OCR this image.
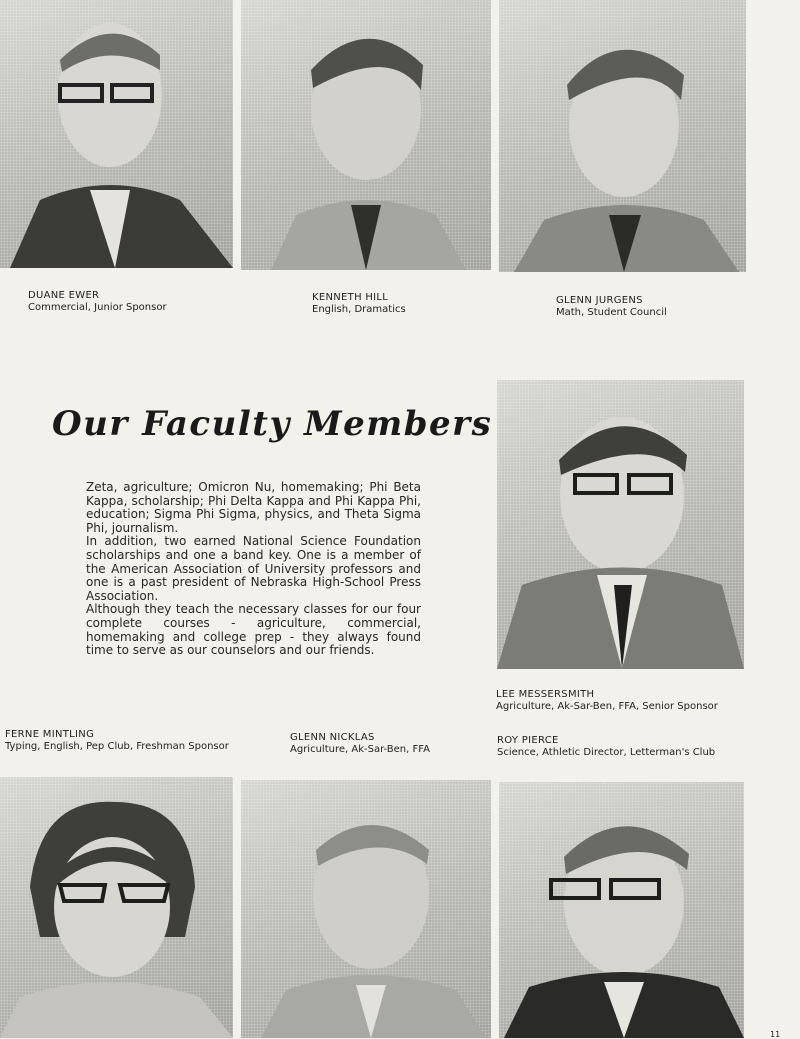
DUANE EWER
Commercial, Junior Sponsor
KENNETH HILL
English, Dramatics
GLENN JURGENS
Math, Student Council
Our Faculty Members

Zeta, agriculture; Omicron Nu, homemaking; Phi Beta Kappa, scholarship; Phi Delta Kappa and Phi Kappa Phi, education; Sigma Phi Sigma, physics, and Theta Sigma Phi, journalism.

In addition, two earned National Science Foundation scholarships and one a band key. One is a member of the American Association of University professors and one is a past president of Nebraska High-School Press Association.

Although they teach the necessary classes for our four complete courses - agriculture, commercial, homemaking and college prep - they always found time to serve as our counselors and our friends.

LEE MESSERSMITH
Agriculture, Ak-Sar-Ben, FFA, Senior Sponsor
FERNE MINTLING
Typing, English, Pep Club, Freshman Sponsor
GLENN NICKLAS
Agriculture, Ak-Sar-Ben, FFA
ROY PIERCE
Science, Athletic Director, Letterman's Club
11
